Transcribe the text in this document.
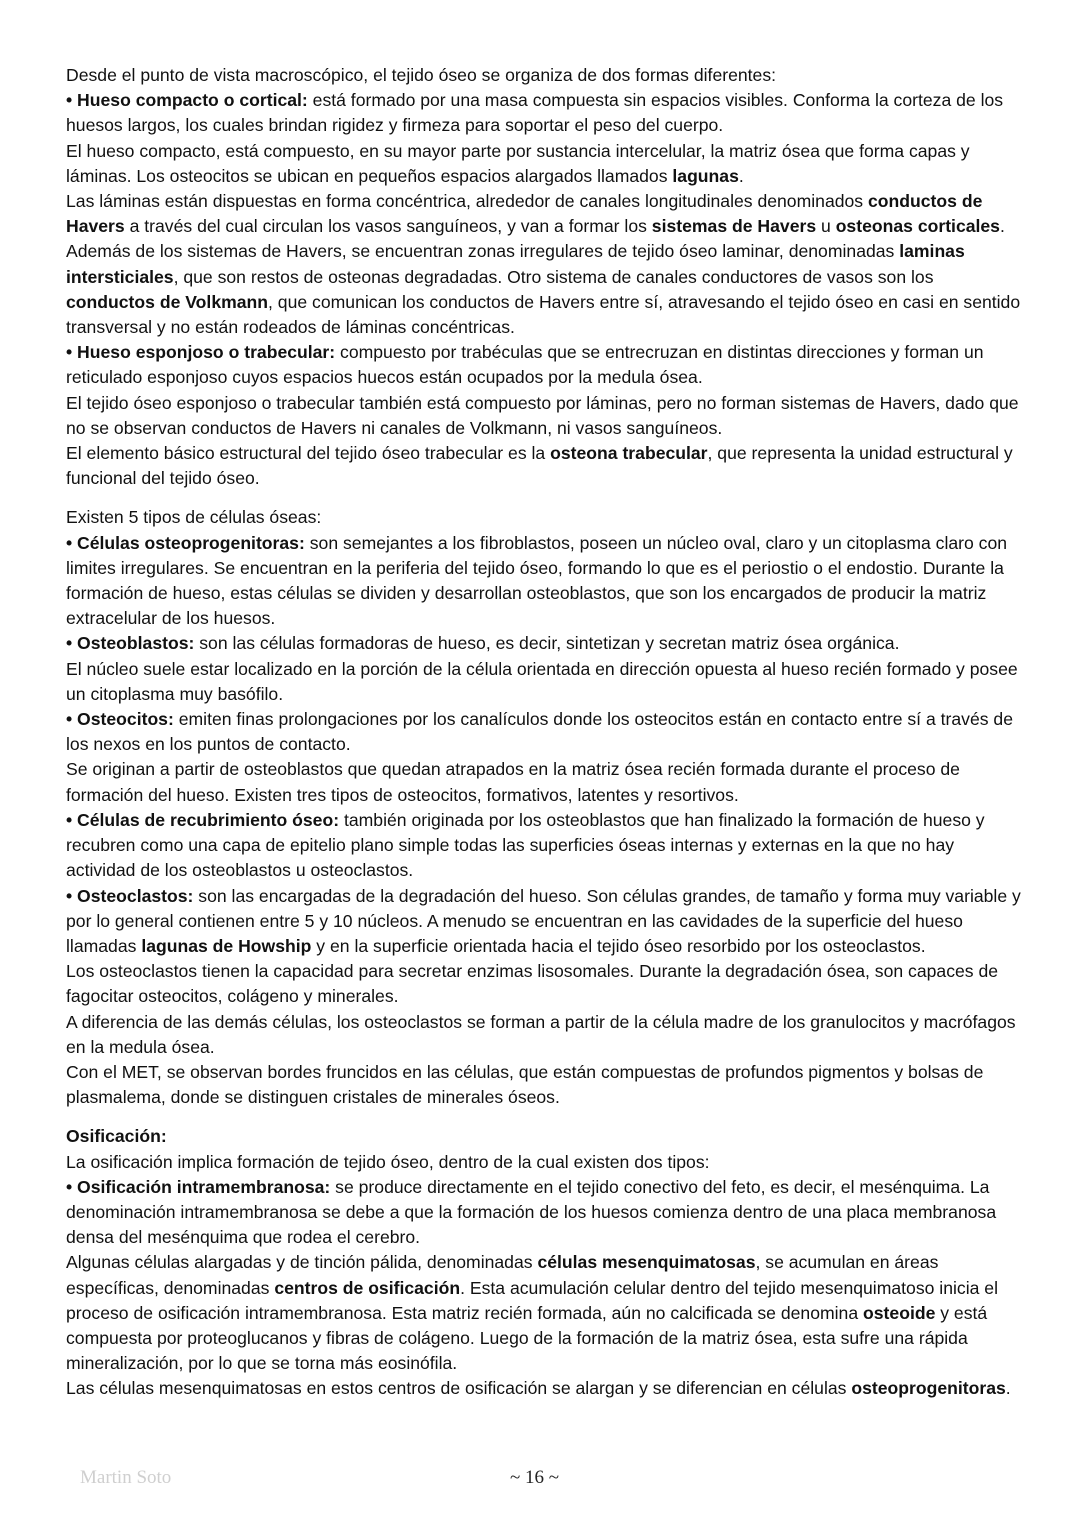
Desde el punto de vista macroscópico, el tejido óseo se organiza de dos formas diferentes:

• Hueso compacto o cortical: está formado por una masa compuesta sin espacios visibles. Conforma la corteza de los huesos largos, los cuales brindan rigidez y firmeza para soportar el peso del cuerpo.

El hueso compacto, está compuesto, en su mayor parte por sustancia intercelular, la matriz ósea que forma capas y láminas. Los osteocitos se ubican en pequeños espacios alargados llamados lagunas.

Las láminas están dispuestas en forma concéntrica, alrededor de canales longitudinales denominados conductos de Havers a través del cual circulan los vasos sanguíneos, y van a formar los sistemas de Havers u osteonas corticales. Además de los sistemas de Havers, se encuentran zonas irregulares de tejido óseo laminar, denominadas laminas intersticiales, que son restos de osteonas degradadas. Otro sistema de canales conductores de vasos son los conductos de Volkmann, que comunican los conductos de Havers entre sí, atravesando el tejido óseo en casi en sentido transversal y no están rodeados de láminas concéntricas.

• Hueso esponjoso o trabecular: compuesto por trabéculas que se entrecruzan en distintas direcciones y forman un reticulado esponjoso cuyos espacios huecos están ocupados por la medula ósea.

El tejido óseo esponjoso o trabecular también está compuesto por láminas, pero no forman sistemas de Havers, dado que no se observan conductos de Havers ni canales de Volkmann, ni vasos sanguíneos.

El elemento básico estructural del tejido óseo trabecular es la osteona trabecular, que representa la unidad estructural y funcional del tejido óseo.

Existen 5 tipos de células óseas:

• Células osteoprogenitoras: son semejantes a los fibroblastos, poseen un núcleo oval, claro y un citoplasma claro con limites irregulares. Se encuentran en la periferia del tejido óseo, formando lo que es el periostio o el endostio. Durante la formación de hueso, estas células se dividen y desarrollan osteoblastos, que son los encargados de producir la matriz extracelular de los huesos.

• Osteoblastos: son las células formadoras de hueso, es decir, sintetizan y secretan matriz ósea orgánica.

El núcleo suele estar localizado en la porción de la célula orientada en dirección opuesta al hueso recién formado y posee un citoplasma muy basófilo.

• Osteocitos: emiten finas prolongaciones por los canalículos donde los osteocitos están en contacto entre sí a través de los nexos en los puntos de contacto.

Se originan a partir de osteoblastos que quedan atrapados en la matriz ósea recién formada durante el proceso de formación del hueso. Existen tres tipos de osteocitos, formativos, latentes y resortivos.

• Células de recubrimiento óseo: también originada por los osteoblastos que han finalizado la formación de hueso y recubren como una capa de epitelio plano simple todas las superficies óseas internas y externas en la que no hay actividad de los osteoblastos u osteoclastos.

• Osteoclastos: son las encargadas de la degradación del hueso. Son células grandes, de tamaño y forma muy variable y por lo general contienen entre 5 y 10 núcleos. A menudo se encuentran en las cavidades de la superficie del hueso llamadas lagunas de Howship y en la superficie orientada hacia el tejido óseo resorbido por los osteoclastos.

Los osteoclastos tienen la capacidad para secretar enzimas lisosomales. Durante la degradación ósea, son capaces de fagocitar osteocitos, colágeno y minerales.

A diferencia de las demás células, los osteoclastos se forman a partir de la célula madre de los granulocitos y macrófagos en la medula ósea.

Con el MET, se observan bordes fruncidos en las células, que están compuestas de profundos pigmentos y bolsas de plasmalema, donde se distinguen cristales de minerales óseos.

Osificación:

La osificación implica formación de tejido óseo, dentro de la cual existen dos tipos:

• Osificación intramembranosa: se produce directamente en el tejido conectivo del feto, es decir, el mesénquima. La denominación intramembranosa se debe a que la formación de los huesos comienza dentro de una placa membranosa densa del mesénquima que rodea el cerebro.

Algunas células alargadas y de tinción pálida, denominadas células mesenquimatosas, se acumulan en áreas específicas, denominadas centros de osificación. Esta acumulación celular dentro del tejido mesenquimatoso inicia el proceso de osificación intramembranosa. Esta matriz recién formada, aún no calcificada se denomina osteoide y está compuesta por proteoglucanos y fibras de colágeno. Luego de la formación de la matriz ósea, esta sufre una rápida mineralización, por lo que se torna más eosinófila.

Las células mesenquimatosas en estos centros de osificación se alargan y se diferencian en células osteoprogenitoras.

Martin Soto	~ 16 ~
